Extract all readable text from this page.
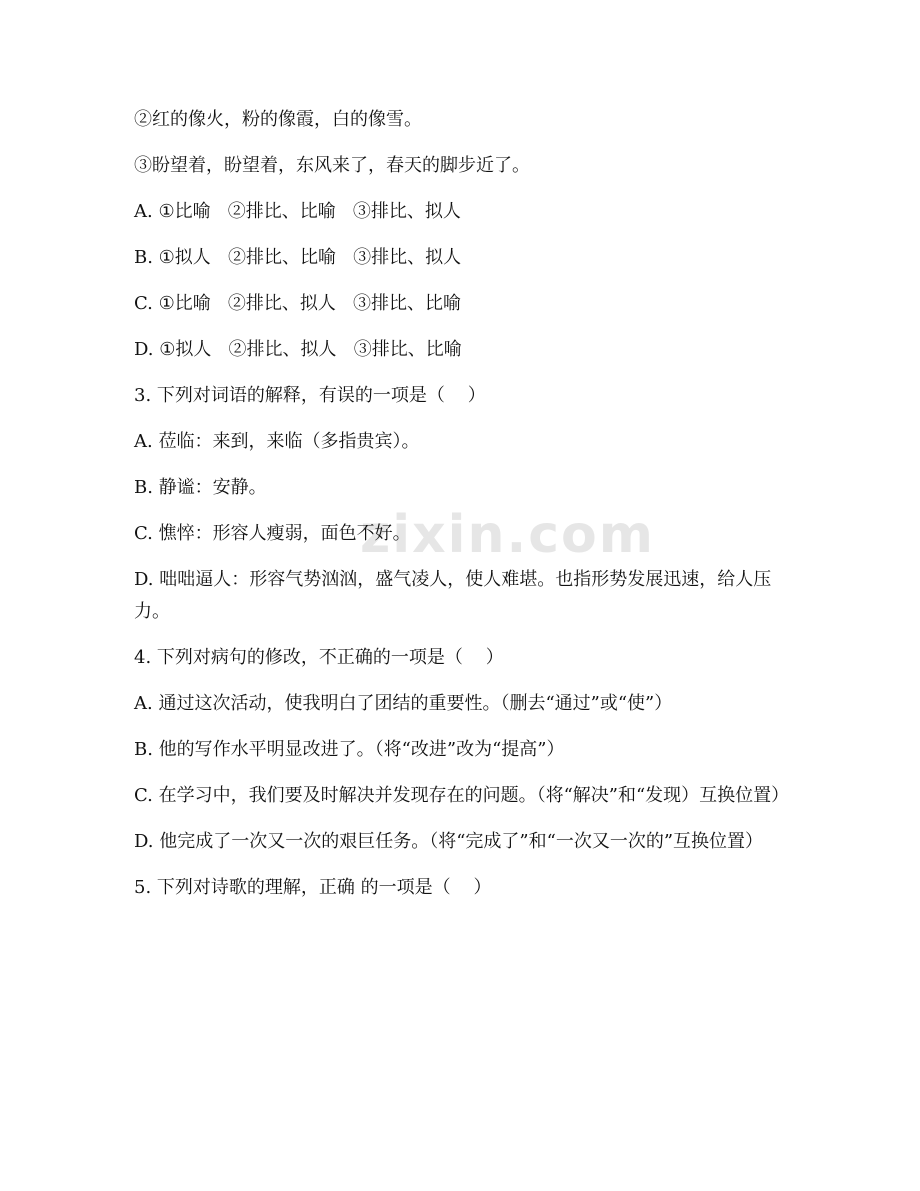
zixin.com

②红的像火，粉的像霞，白的像雪。

③盼望着，盼望着，东风来了，春天的脚步近了。

A. ①比喻   ②排比、比喻   ③排比、拟人

B. ①拟人   ②排比、比喻   ③排比、拟人

C. ①比喻   ②排比、拟人   ③排比、比喻

D. ①拟人   ②排比、拟人   ③排比、比喻

3. 下列对词语的解释，有误的一项是（    ）

A. 莅临：来到，来临（多指贵宾）。

B. 静谧：安静。

C. 憔悴：形容人瘦弱，面色不好。

D. 咄咄逼人：形容气势汹汹，盛气凌人，使人难堪。也指形势发展迅速，给人压力。

4. 下列对病句的修改，不正确的一项是（    ）

A. 通过这次活动，使我明白了团结的重要性。（删去“通过”或“使”）

B. 他的写作水平明显改进了。（将“改进”改为“提高”）

C. 在学习中，我们要及时解决并发现存在的问题。（将“解决”和“发现）互换位置）

D. 他完成了一次又一次的艰巨任务。（将“完成了”和“一次又一次的”互换位置）

5. 下列对诗歌的理解，正确 的一项是（    ）
